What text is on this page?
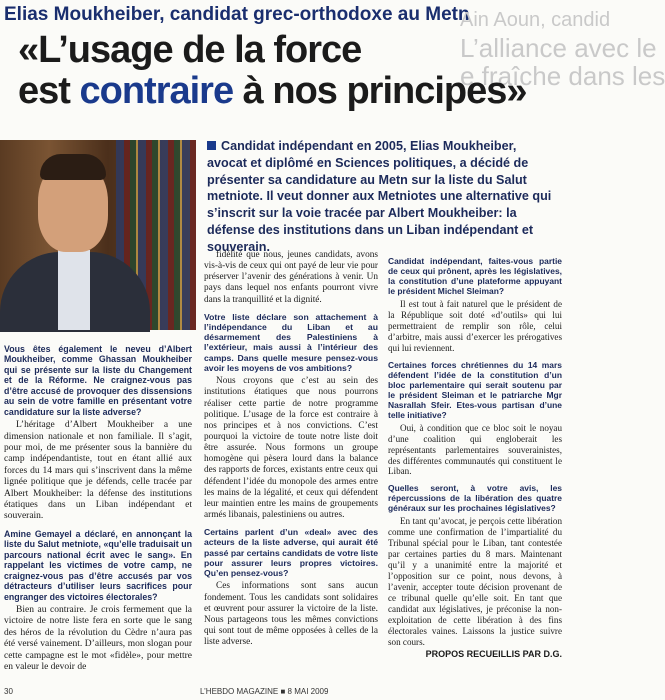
Elias Moukheiber, candidat grec-orthodoxe au Metn
Ain Aoun, candid
L’alliance avec le
e fraîche dans les
«L’usage de la force
est contraire à nos principes»
Candidat indépendant en 2005, Elias Moukheiber, avocat et diplômé en Sciences politiques, a décidé de présenter sa candidature au Metn sur la liste du Salut metniote. Il veut donner aux Metniotes une alternative qui s’inscrit sur la voie tracée par Albert Moukheiber: la défense des institutions dans un Liban indépendant et souverain.

Vous êtes également le neveu d’Albert Moukheiber, comme Ghassan Moukheiber qui se présente sur la liste du Changement et de la Réforme. Ne craignez-vous pas d’être accusé de provoquer des dissensions au sein de votre famille en présentant votre candidature sur la liste adverse?

L’héritage d’Albert Moukheiber a une dimension nationale et non familiale. Il s’agit, pour moi, de me présenter sous la bannière du camp indépendantiste, tout en étant allié aux forces du 14 mars qui s’inscrivent dans la même lignée politique que je défends, celle tracée par Albert Moukheiber: la défense des institutions étatiques dans un Liban indépendant et souverain.

Amine Gemayel a déclaré, en annonçant la liste du Salut metniote, «qu’elle traduisait un parcours national écrit avec le sang». En rappelant les victimes de votre camp, ne craignez-vous pas d’être accusés par vos détracteurs d’utiliser leurs sacrifices pour engranger des victoires électorales?

Bien au contraire. Je crois fermement que la victoire de notre liste fera en sorte que le sang des héros de la révolution du Cèdre n’aura pas été versé vainement. D’ailleurs, mon slogan pour cette campagne est le mot «fidèle», pour mettre en valeur le devoir de

fidélité que nous, jeunes candidats, avons vis-à-vis de ceux qui ont payé de leur vie pour préserver l’avenir des générations à venir. Un pays dans lequel nos enfants pourront vivre dans la tranquillité et la dignité.

Votre liste déclare son attachement à l’indépendance du Liban et au désarmement des Palestiniens à l’extérieur, mais aussi à l’intérieur des camps. Dans quelle mesure pensez-vous avoir les moyens de vos ambitions?

Nous croyons que c’est au sein des institutions étatiques que nous pourrons réaliser cette partie de notre programme politique. L’usage de la force est contraire à nos principes et à nos convictions. C’est pourquoi la victoire de toute notre liste doit être assurée. Nous formons un groupe homogène qui pèsera lourd dans la balance des rapports de forces, existants entre ceux qui défendent l’idée du monopole des armes entre les mains de la légalité, et ceux qui défendent leur maintien entre les mains de groupements armés libanais, palestiniens ou autres.

Certains parlent d’un «deal» avec des acteurs de la liste adverse, qui aurait été passé par certains candidats de votre liste pour assurer leurs propres victoires. Qu’en pensez-vous?

Ces informations sont sans aucun fondement. Tous les candidats sont solidaires et œuvrent pour assurer la victoire de la liste. Nous partageons tous les mêmes convictions qui sont tout de même opposées à celles de la liste adverse.

Candidat indépendant, faites-vous partie de ceux qui prônent, après les législatives, la constitution d’une plateforme appuyant le président Michel Sleiman?

Il est tout à fait naturel que le président de la République soit doté «d’outils» qui lui permettraient de remplir son rôle, celui d’arbitre, mais aussi d’exercer les prérogatives qui lui reviennent.

Certaines forces chrétiennes du 14 mars défendent l’idée de la constitution d’un bloc parlementaire qui serait soutenu par le président Sleiman et le patriarche Mgr Nasrallah Sfeir. Etes-vous partisan d’une telle initiative?

Oui, à condition que ce bloc soit le noyau d’une coalition qui engloberait les représentants parlementaires souverainistes, des différentes communautés qui constituent le Liban.

Quelles seront, à votre avis, les répercussions de la libération des quatre généraux sur les prochaines législatives?

En tant qu’avocat, je perçois cette libération comme une confirmation de l’impartialité du Tribunal spécial pour le Liban, tant contestée par certaines parties du 8 mars. Maintenant qu’il y a unanimité entre la majorité et l’opposition sur ce point, nous devons, à l’avenir, accepter toute décision provenant de ce tribunal quelle qu’elle soit. En tant que candidat aux législatives, je préconise la non-exploitation de cette libération à des fins électorales vaines. Laissons la justice suivre son cours.

PROPOS RECUEILLIS PAR D.G.

30	L’HEBDO MAGAZINE ■ 8 MAI 2009
